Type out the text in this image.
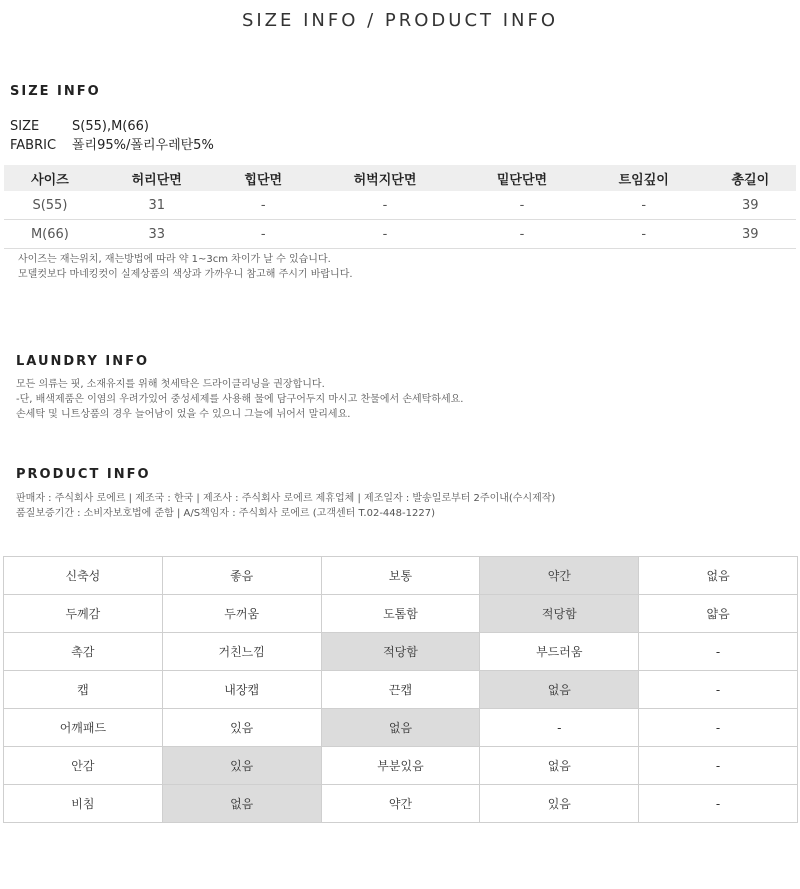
SIZE INFO / PRODUCT INFO
SIZE INFO
SIZE	S(55),M(66)
FABRIC 폴리95%/폴리우레탄5%
사이즈	허리단면	힙단면	허벅지단면	밑단단면	트임깊이	총길이
S(55)	31	-	-	-	-	39
M(66)	33	-	-	-	-	39
사이즈는 재는위치, 재는방법에 따라 약 1~3cm 차이가 날 수 있습니다.
모델컷보다 마네킹컷이 실제상품의 색상과 가까우니 참고해 주시기 바랍니다.
LAUNDRY INFO
모든 의류는 핏, 소재유지를 위해 첫세탁은 드라이클리닝을 권장합니다.
-단, 배색제품은 이염의 우려가있어 중성세제를 사용해 물에 담구어두지 마시고 찬물에서 손세탁하세요.
손세탁 및 니트상품의 경우 늘어남이 었을 수 있으니 그늘에 뉘어서 말리세요.
PRODUCT INFO
판매자 : 주식회사 로에르 | 제조국 : 한국 | 제조사 : 주식회사 로에르 제휴업체 | 제조일자 : 발송일로부터 2주이내(수시제작)
품질보증기간 : 소비자보호법에 준함 | A/S책임자 : 주식회사 로에르 (고객센터 T.02-448-1227)
신축성	좋음	보통	약간	없음
두께감	두꺼움	도톰함	적당함	얇음
촉감	거친느낌	적당함	부드러움	-
캡	내장캡	끈캡	없음	-
어깨패드	있음	없음	-	-
안감	있음	부분있음	없음	-
비침	없음	약간	있음	-
